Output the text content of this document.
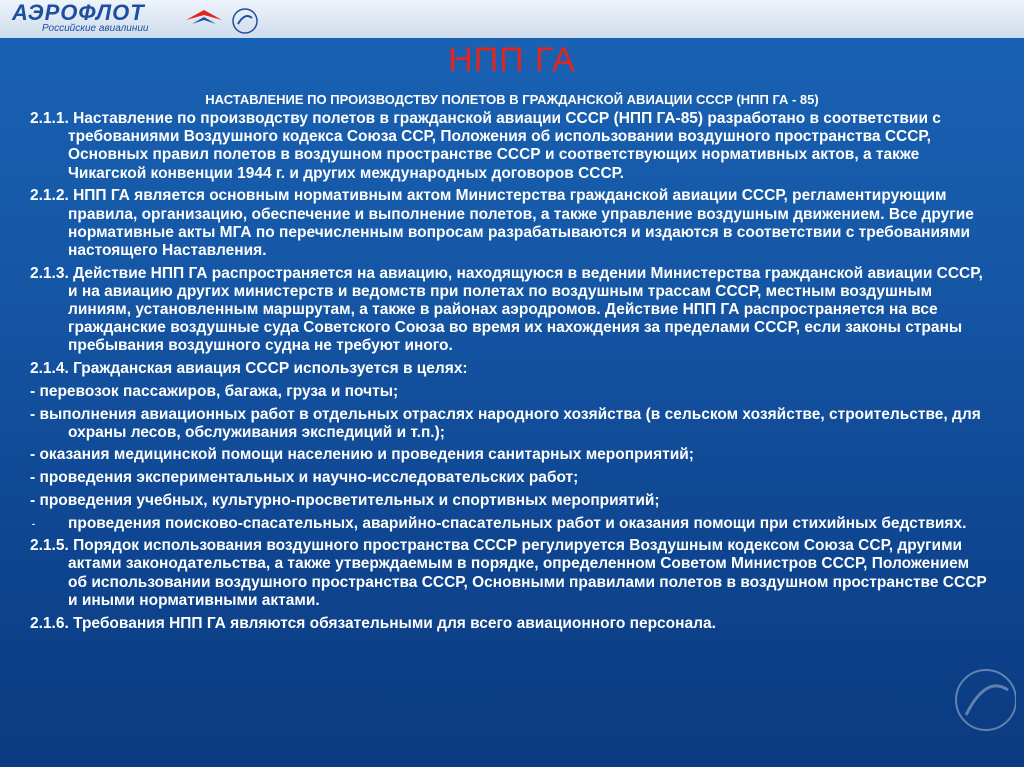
АЭРОФЛОТ
Российские авиалинии
НПП ГА
НАСТАВЛЕНИЕ ПО ПРОИЗВОДСТВУ ПОЛЕТОВ В ГРАЖДАНСКОЙ АВИАЦИИ СССР (НПП ГА - 85)
2.1.1. Наставление по производству полетов в гражданской авиации СССР (НПП ГА-85) разработано в соответствии с требованиями Воздушного кодекса Союза ССР, Положения об использовании воздушного пространства СССР, Основных правил полетов в воздушном пространстве СССР и соответствующих нормативных актов, а также Чикагской конвенции 1944 г. и других международных договоров СССР.
2.1.2. НПП ГА является основным нормативным актом Министерства гражданской авиации СССР, регламентирующим правила, организацию, обеспечение и выполнение полетов, а также управление воздушным движением. Все другие нормативные акты МГА по перечисленным вопросам разрабатываются и издаются в соответствии с требованиями настоящего Наставления.
2.1.3. Действие НПП ГА распространяется на авиацию, находящуюся в ведении Министерства гражданской авиации СССР, и на авиацию других министерств и ведомств при полетах по воздушным трассам СССР, местным воздушным линиям, установленным маршрутам, а также в районах аэродромов. Действие НПП ГА распространяется на все гражданские воздушные суда Советского Союза во время их нахождения за пределами СССР, если законы страны пребывания воздушного судна не требуют иного.
2.1.4. Гражданская авиация СССР используется в целях:
- перевозок пассажиров, багажа, груза и почты;
- выполнения авиационных работ в отдельных отраслях народного хозяйства (в сельском хозяйстве, строительстве, для охраны лесов, обслуживания экспедиций и т.п.);
- оказания медицинской помощи населению и проведения санитарных мероприятий;
- проведения экспериментальных и научно-исследовательских работ;
- проведения учебных, культурно-просветительных и спортивных мероприятий;
- проведения поисково-спасательных, аварийно-спасательных работ и оказания помощи при стихийных бедствиях.
2.1.5. Порядок использования воздушного пространства СССР регулируется Воздушным кодексом Союза ССР, другими актами законодательства, а также утверждаемым в порядке, определенном Советом Министров СССР, Положением об использовании воздушного пространства СССР, Основными правилами полетов в воздушном пространстве СССР и иными нормативными актами.
2.1.6. Требования НПП ГА являются обязательными для всего авиационного персонала.
